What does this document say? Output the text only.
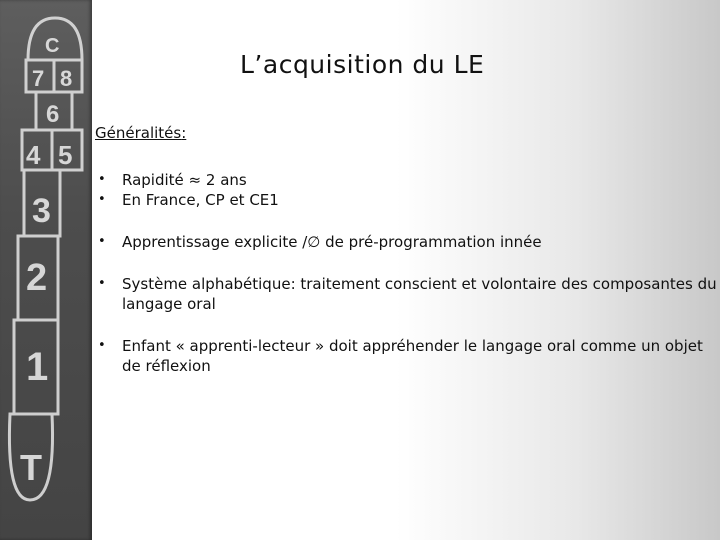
C
7 8
6
4 5
3
2
1
T
L’acquisition du LE
Généralités:
• Rapidité ≈ 2 ans
• En France, CP et CE1
• Apprentissage explicite /∅ de pré-programmation innée
• Système alphabétique: traitement conscient et volontaire des composantes du langage oral
• Enfant « apprenti-lecteur » doit appréhender le langage oral comme un objet de réflexion
